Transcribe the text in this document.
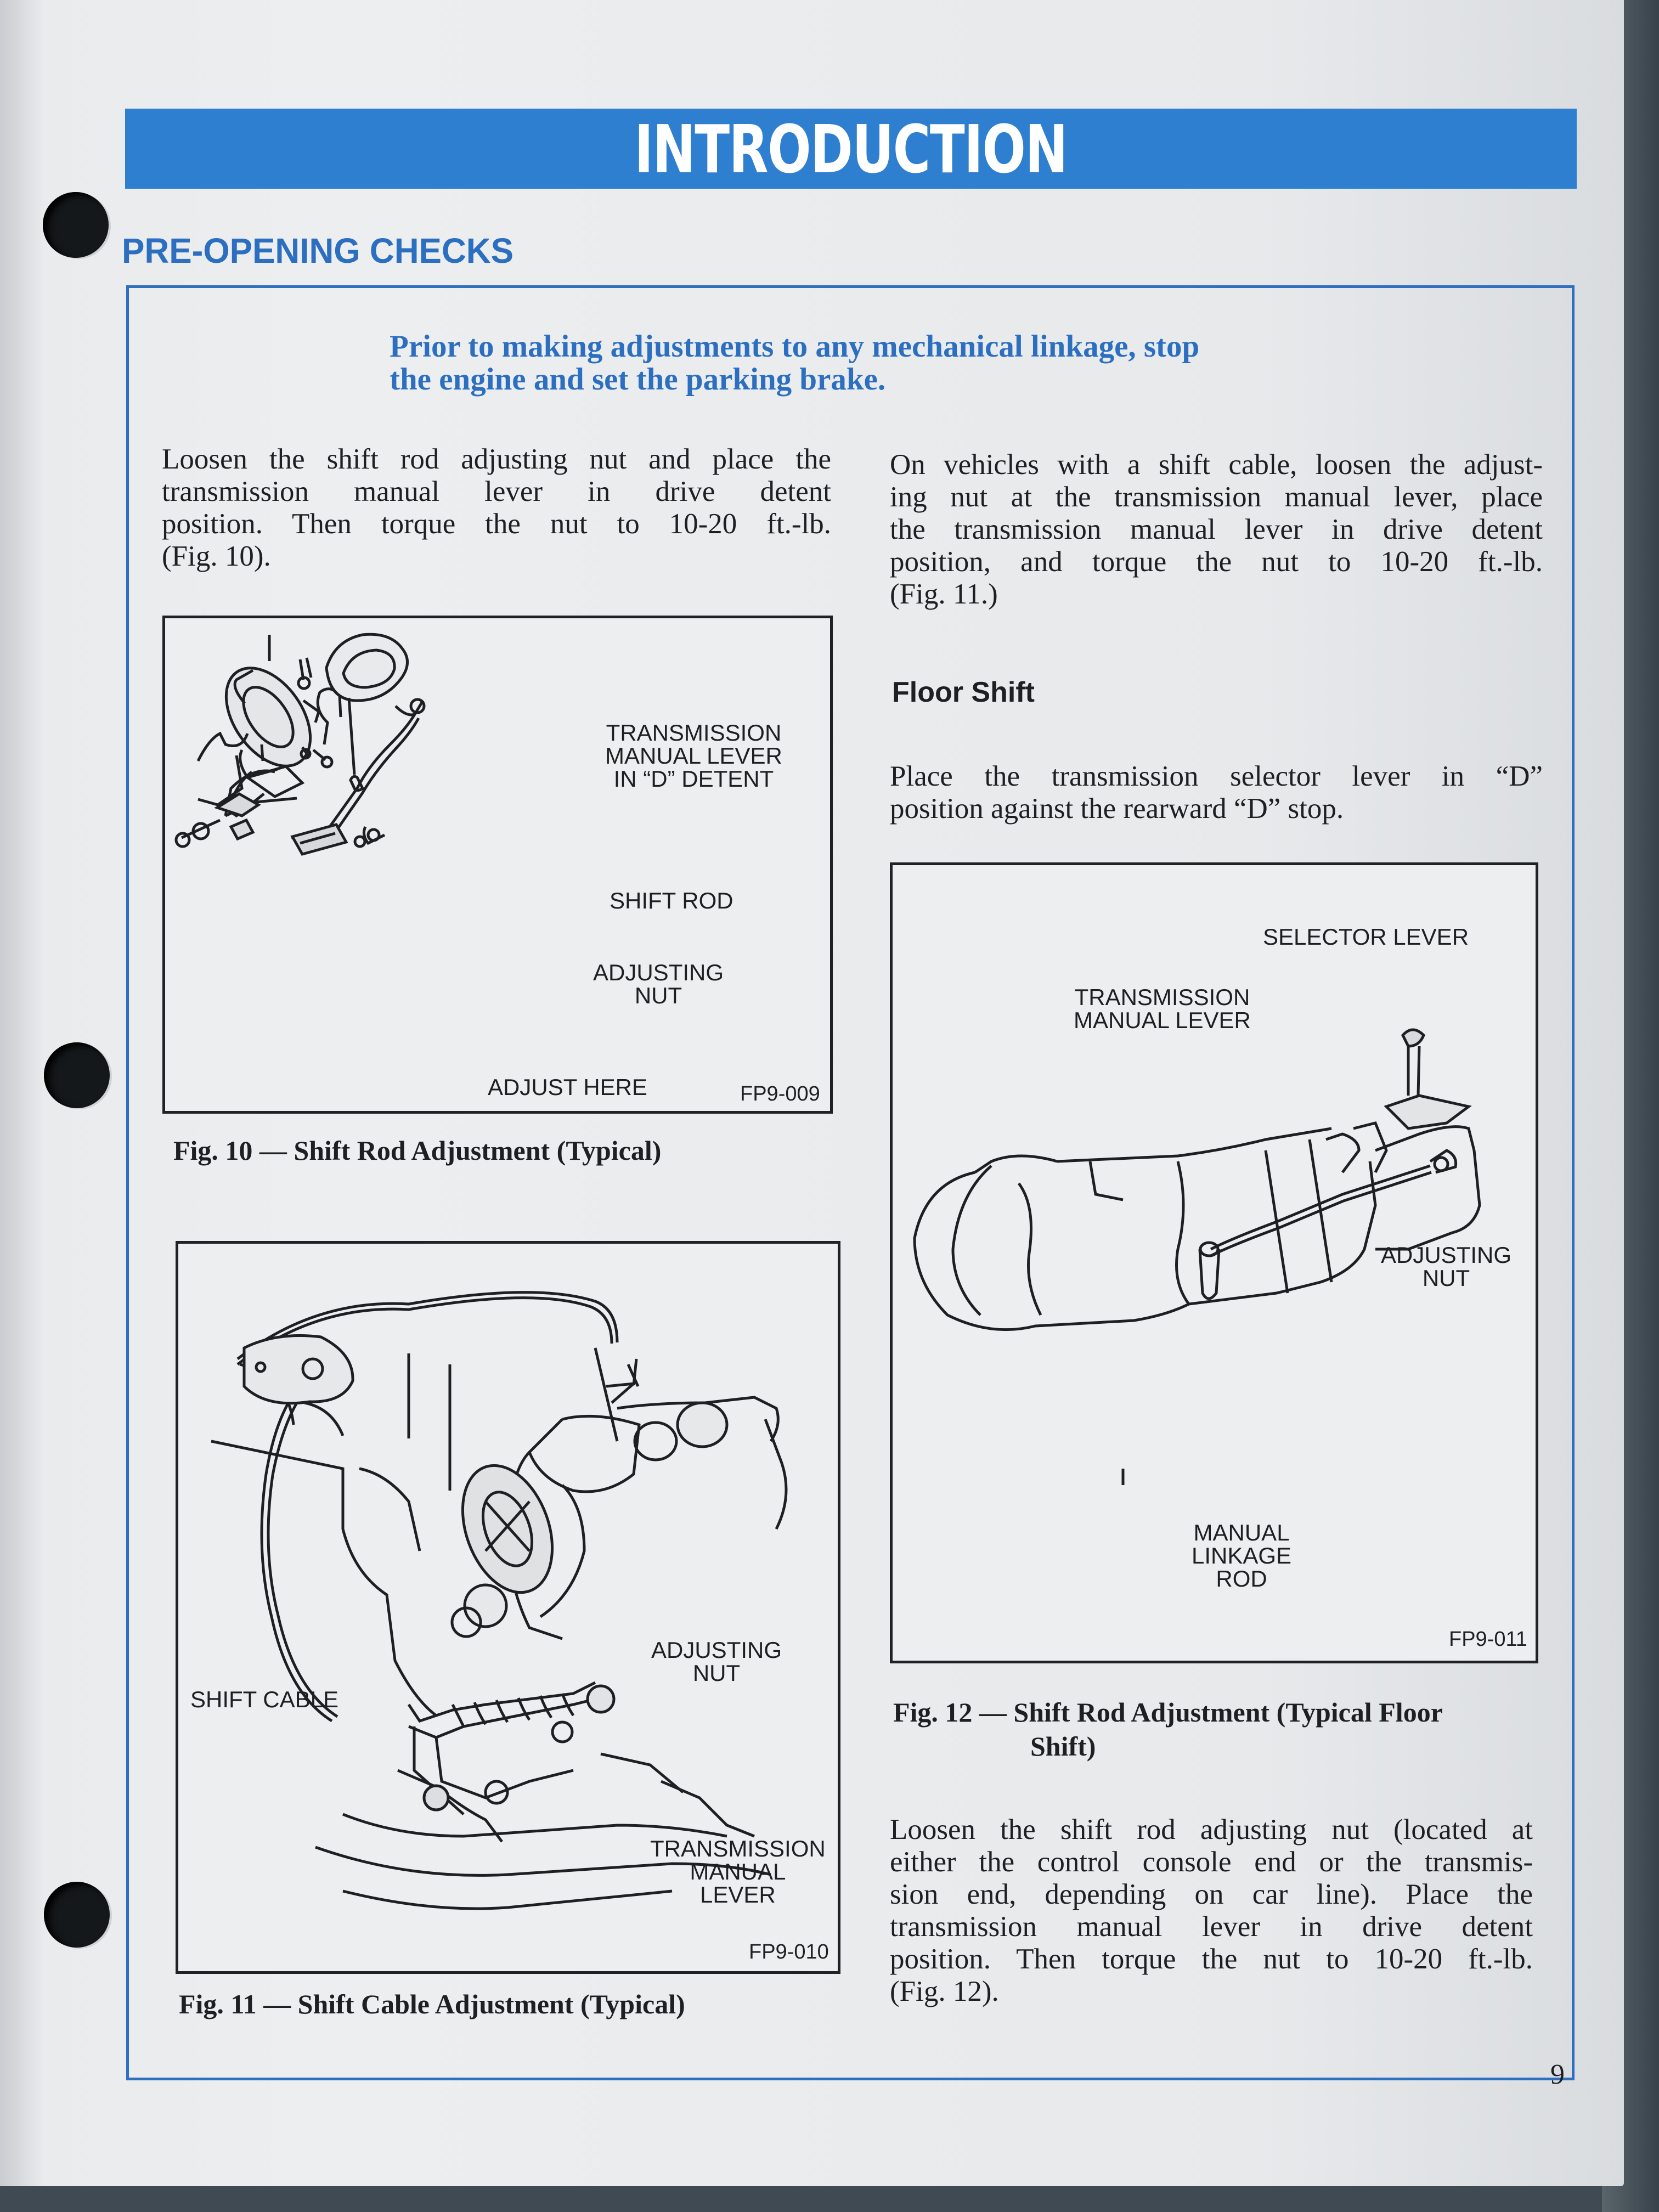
INTRODUCTION
PRE-OPENING CHECKS
Prior to making adjustments to any mechanical linkage, stop
the engine and set the parking brake.
Loosen the shift rod adjusting nut and place the
transmission manual lever in drive detent
position. Then torque the nut to 10-20 ft.-lb.
(Fig. 10).
On vehicles with a shift cable, loosen the adjust-
ing nut at the transmission manual lever, place
the transmission manual lever in drive detent
position, and torque the nut to 10-20 ft.-lb.
(Fig. 11.)
Floor Shift
Place the transmission selector lever in “D”
position against the rearward “D” stop.
TRANSMISSION
MANUAL LEVER
IN “D” DETENT
SHIFT ROD
ADJUSTING
NUT
ADJUST HERE	FP9-009
Fig. 10 — Shift Rod Adjustment (Typical)
SHIFT CABLE
ADJUSTING
NUT
TRANSMISSION
MANUAL
LEVER
FP9-010
Fig. 11 — Shift Cable Adjustment (Typical)
SELECTOR LEVER
TRANSMISSION
MANUAL LEVER
ADJUSTING
NUT
MANUAL
LINKAGE
ROD
FP9-011
Fig. 12 — Shift Rod Adjustment (Typical Floor
Shift)
Loosen the shift rod adjusting nut (located at
either the control console end or the transmis-
sion end, depending on car line). Place the
transmission manual lever in drive detent
position. Then torque the nut to 10-20 ft.-lb.
(Fig. 12).
9
